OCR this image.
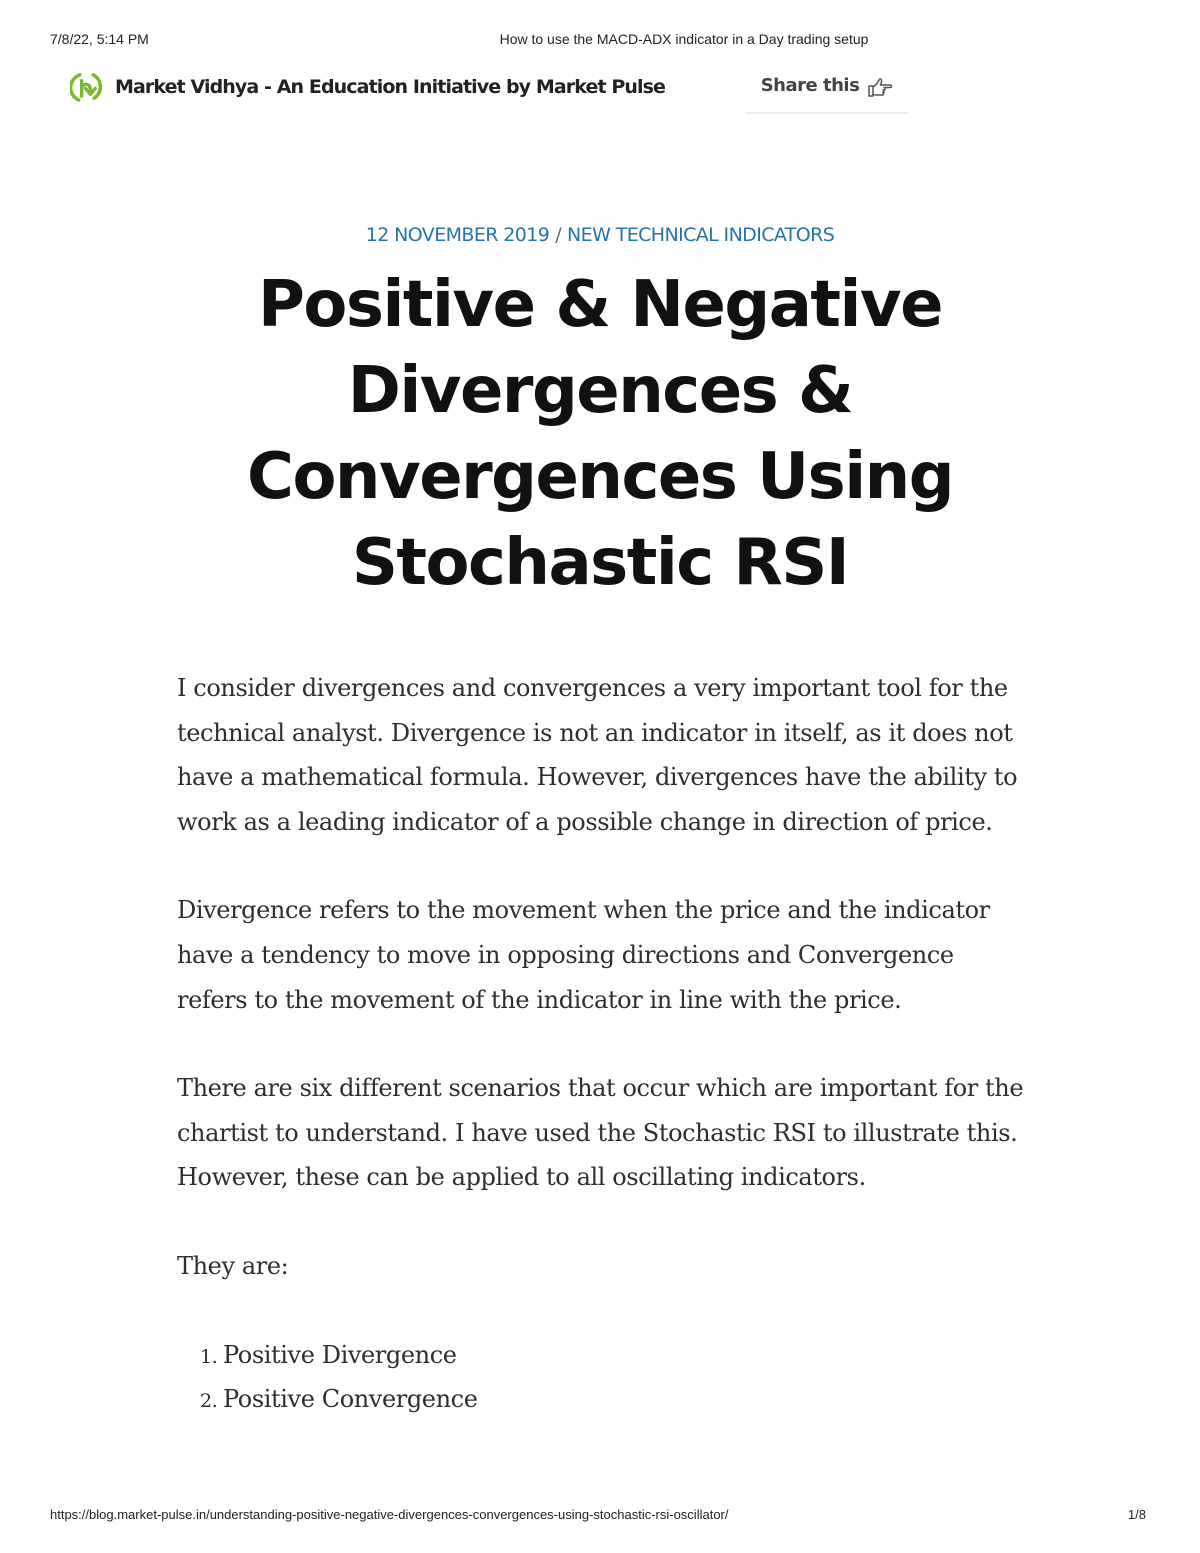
7/8/22, 5:14 PM	How to use the MACD-ADX indicator in a Day trading setup
Market Vidhya - An Education Initiative by Market Pulse	Share this
12 NOVEMBER 2019 / NEW TECHNICAL INDICATORS
Positive & Negative Divergences & Convergences Using Stochastic RSI

I consider divergences and convergences a very important tool for the technical analyst. Divergence is not an indicator in itself, as it does not have a mathematical formula. However, divergences have the ability to work as a leading indicator of a possible change in direction of price.

Divergence refers to the movement when the price and the indicator have a tendency to move in opposing directions and Convergence refers to the movement of the indicator in line with the price.

There are six different scenarios that occur which are important for the chartist to understand. I have used the Stochastic RSI to illustrate this. However, these can be applied to all oscillating indicators.

They are:

1. Positive Divergence
2. Positive Convergence
https://blog.market-pulse.in/understanding-positive-negative-divergences-convergences-using-stochastic-rsi-oscillator/	1/8
